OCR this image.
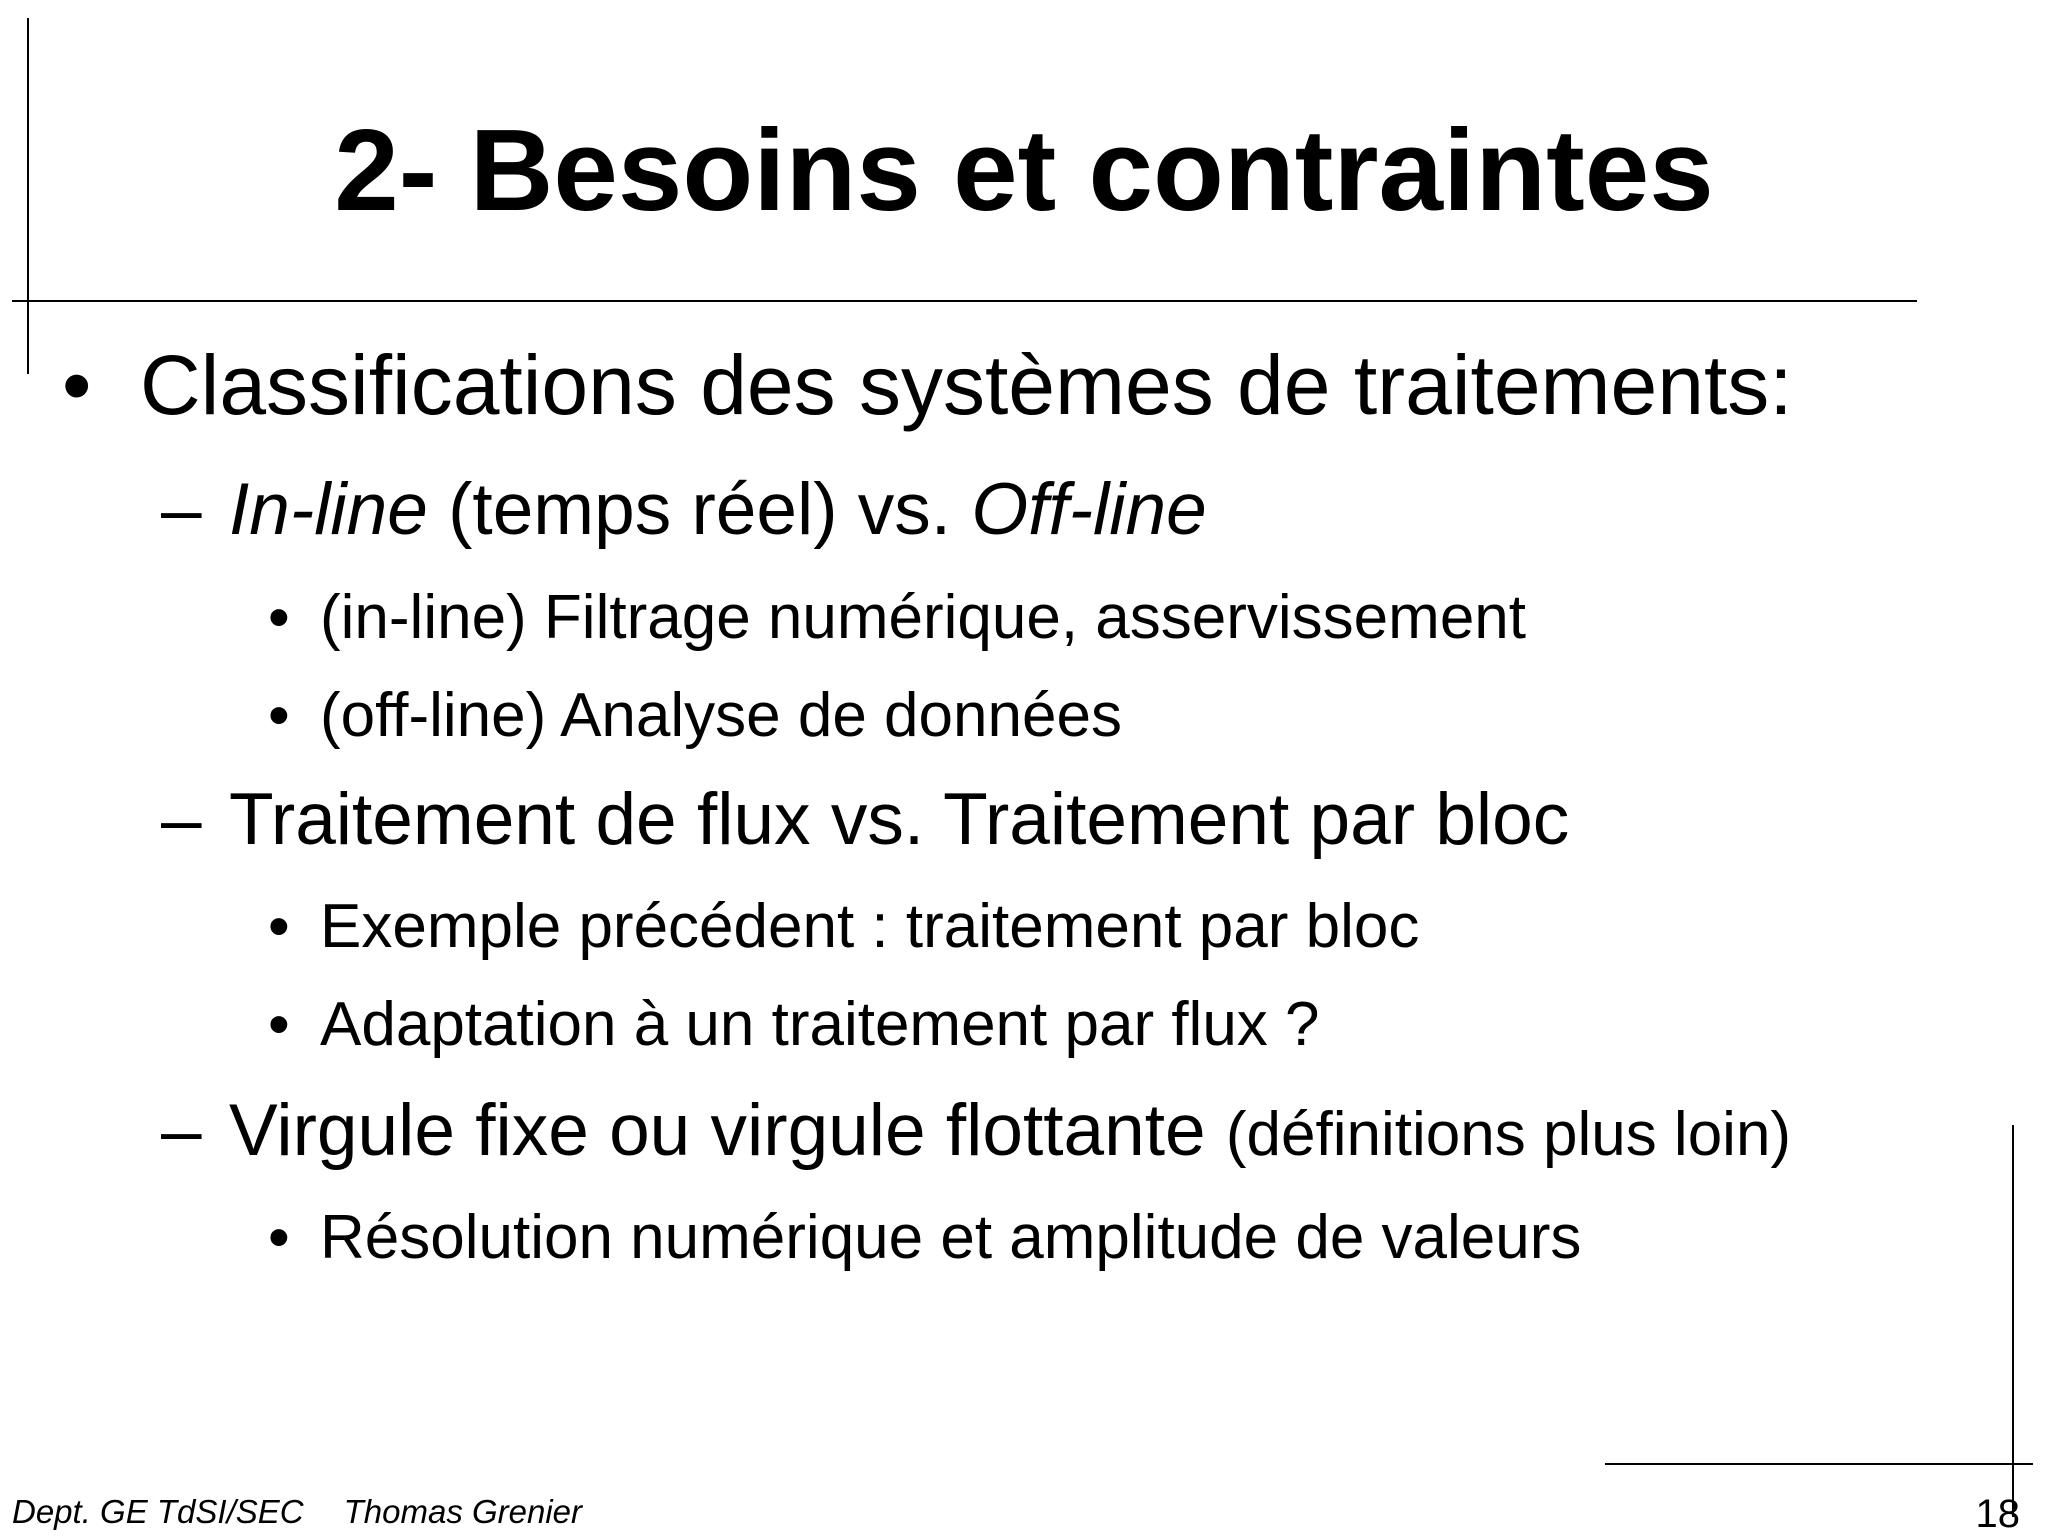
2- Besoins et contraintes
• Classifications des systèmes de traitements:
– In-line (temps réel) vs. Off-line
• (in-line) Filtrage numérique, asservissement
• (off-line) Analyse de données
– Traitement de flux vs. Traitement par bloc
• Exemple précédent : traitement par bloc
• Adaptation à un traitement par flux ?
– Virgule fixe ou virgule flottante (définitions plus loin)
• Résolution numérique et amplitude de valeurs
Dept. GE TdSI/SEC Thomas Grenier	18
